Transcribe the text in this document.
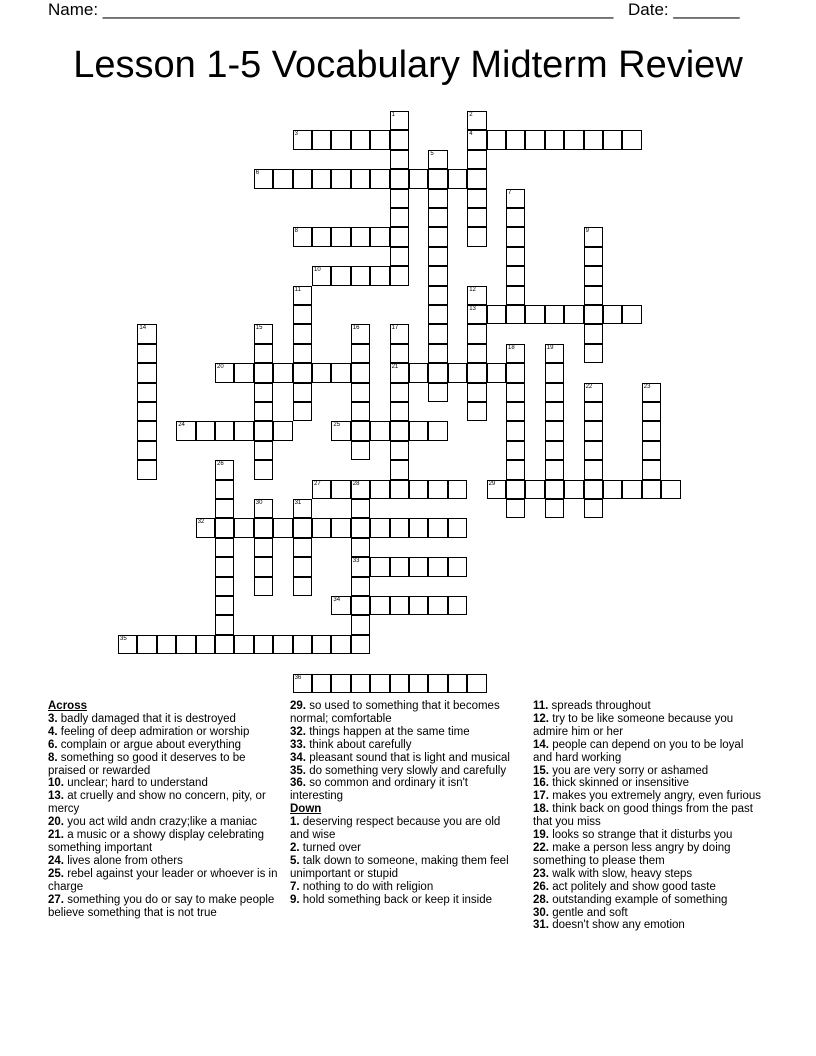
Name: ______________________________________________________ Date: _______
Lesson 1-5 Vocabulary Midterm Review
1	2
4
3
5
6
7
8	9
10
11	12
13
14	15	16	17
21
18	19
20
22	23
24	25
26
27	28
33
29
30	31
32
34
35
36
Across
3. badly damaged that it is destroyed
4. feeling of deep admiration or worship
6. complain or argue about everything
8. something so good it deserves to be praised or rewarded
10. unclear; hard to understand
13. at cruelly and show no concern, pity, or mercy
20. you act wild andn crazy;like a maniac
21. a music or a showy display celebrating something important
24. lives alone from others
25. rebel against your leader or whoever is in charge
27. something you do or say to make people believe something that is not true
29. so used to something that it becomes normal; comfortable
32. things happen at the same time
33. think about carefully
34. pleasant sound that is light and musical
35. do something very slowly and carefully
36. so common and ordinary it isn't interesting
Down
1. deserving respect because you are old and wise
2. turned over
5. talk down to someone, making them feel unimportant or stupid
7. nothing to do with religion
9. hold something back or keep it inside
11. spreads throughout
12. try to be like someone because you admire him or her
14. people can depend on you to be loyal and hard working
15. you are very sorry or ashamed
16. thick skinned or insensitive
17. makes you extremely angry, even furious
18. think back on good things from the past that you miss
19. looks so strange that it disturbs you
22. make a person less angry by doing something to please them
23. walk with slow, heavy steps
26. act politely and show good taste
28. outstanding example of something
30. gentle and soft
31. doesn't show any emotion
